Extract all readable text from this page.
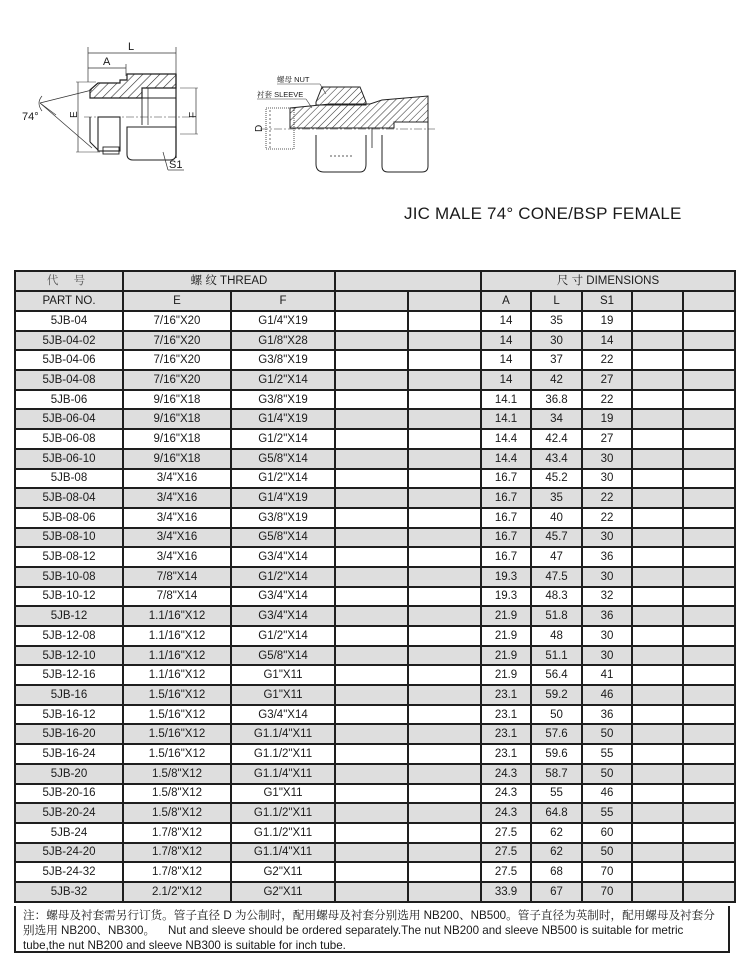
L
A
E	F
74°
S1
螺母 NUT
衬套 SLEEVE
D
JIC MALE 74° CONE/BSP FEMALE
代 号	螺 纹 THREAD				尺 寸 DIMENSIONS				
PART NO.	E	F			A	L	S1		
5JB-04	7/16"X20	G1/4"X19			14	35	19		
5JB-04-02	7/16"X20	G1/8"X28			14	30	14		
5JB-04-06	7/16"X20	G3/8"X19			14	37	22		
5JB-04-08	7/16"X20	G1/2"X14			14	42	27		
5JB-06	9/16"X18	G3/8"X19			14.1	36.8	22		
5JB-06-04	9/16"X18	G1/4"X19			14.1	34	19		
5JB-06-08	9/16"X18	G1/2"X14			14.4	42.4	27		
5JB-06-10	9/16"X18	G5/8"X14			14.4	43.4	30		
5JB-08	3/4"X16	G1/2"X14			16.7	45.2	30		
5JB-08-04	3/4"X16	G1/4"X19			16.7	35	22		
5JB-08-06	3/4"X16	G3/8"X19			16.7	40	22		
5JB-08-10	3/4"X16	G5/8"X14			16.7	45.7	30		
5JB-08-12	3/4"X16	G3/4"X14			16.7	47	36		
5JB-10-08	7/8"X14	G1/2"X14			19.3	47.5	30		
5JB-10-12	7/8"X14	G3/4"X14			19.3	48.3	32		
5JB-12	1.1/16"X12	G3/4"X14			21.9	51.8	36		
5JB-12-08	1.1/16"X12	G1/2"X14			21.9	48	30		
5JB-12-10	1.1/16"X12	G5/8"X14			21.9	51.1	30		
5JB-12-16	1.1/16"X12	G1"X11			21.9	56.4	41		
5JB-16	1.5/16"X12	G1"X11			23.1	59.2	46		
5JB-16-12	1.5/16"X12	G3/4"X14			23.1	50	36		
5JB-16-20	1.5/16"X12	G1.1/4"X11			23.1	57.6	50		
5JB-16-24	1.5/16"X12	G1.1/2"X11			23.1	59.6	55		
5JB-20	1.5/8"X12	G1.1/4"X11			24.3	58.7	50		
5JB-20-16	1.5/8"X12	G1"X11			24.3	55	46		
5JB-20-24	1.5/8"X12	G1.1/2"X11			24.3	64.8	55		
5JB-24	1.7/8"X12	G1.1/2"X11			27.5	62	60		
5JB-24-20	1.7/8"X12	G1.1/4"X11			27.5	62	50		
5JB-24-32	1.7/8"X12	G2"X11			27.5	68	70		
5JB-32	2.1/2"X12	G2"X11			33.9	67	70		
注：螺母及衬套需另行订货。管子直径 D 为公制时，配用螺母及衬套分别选用 NB200、NB500。管子直径为英制时，配用螺母及衬套分
别选用 NB200、NB300。    Nut and sleeve should be ordered separately.The nut NB200 and sleeve NB500 is suitable for metric
tube,the nut NB200 and sleeve NB300 is suitable for inch tube.
